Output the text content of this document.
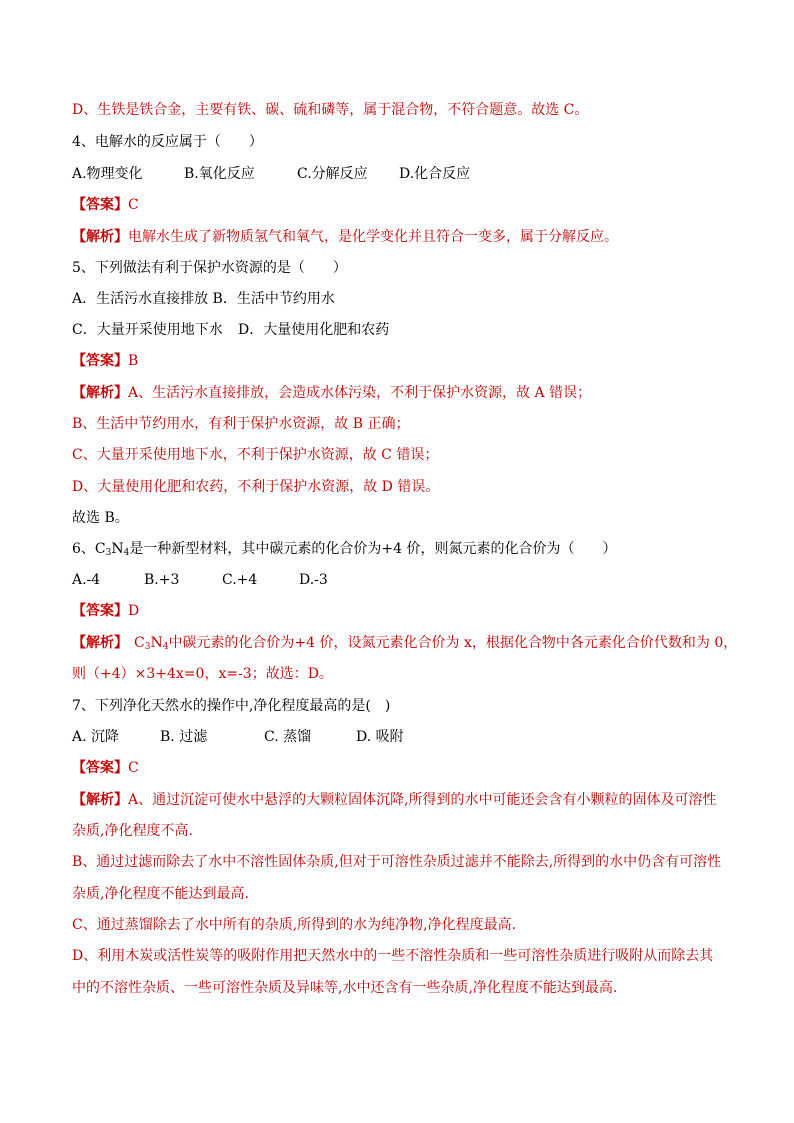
D、生铁是铁合金，主要有铁、碳、硫和磷等，属于混合物，不符合题意。故选 C。
4、电解水的反应属于（　　）
A.物理变化	B.氧化反应	C.分解反应 D.化合反应
【答案】C
【解析】电解水生成了新物质氢气和氧气，是化学变化并且符合一变多，属于分解反应。
5、下列做法有利于保护水资源的是（　　）
A．生活污水直接排放 B．生活中节约用水
C．大量开采使用地下水 D．大量使用化肥和农药
【答案】B
【解析】A、生活污水直接排放，会造成水体污染，不利于保护水资源，故 A 错误；
B、生活中节约用水，有利于保护水资源，故 B 正确；
C、大量开采使用地下水，不利于保护水资源，故 C 错误；
D、大量使用化肥和农药，不利于保护水资源，故 D 错误。
故选 B。
6、$C_3N_4$是一种新型材料，其中碳元素的化合价为+4 价，则氮元素的化合价为（　　）
A.-4	B.+3	C.+4	D.-3
【答案】D
【解析】 $C_3N_4$中碳元素的化合价为+4 价，设氮元素化合价为 x，根据化合物中各元素化合价代数和为 0，
则（+4）×3+4x=0，x=-3；故选：D。
7、下列净化天然水的操作中,净化程度最高的是(　)
A. 沉降	B. 过滤	C. 蒸馏	D. 吸附
【答案】C
【解析】A、通过沉淀可使水中悬浮的大颗粒固体沉降,所得到的水中可能还会含有小颗粒的固体及可溶性
杂质,净化程度不高.
B、通过过滤而除去了水中不溶性固体杂质,但对于可溶性杂质过滤并不能除去,所得到的水中仍含有可溶性
杂质,净化程度不能达到最高.
C、通过蒸馏除去了水中所有的杂质,所得到的水为纯净物,净化程度最高.
D、利用木炭或活性炭等的吸附作用把天然水中的一些不溶性杂质和一些可溶性杂质进行吸附从而除去其
中的不溶性杂质、一些可溶性杂质及异味等,水中还含有一些杂质,净化程度不能达到最高.
